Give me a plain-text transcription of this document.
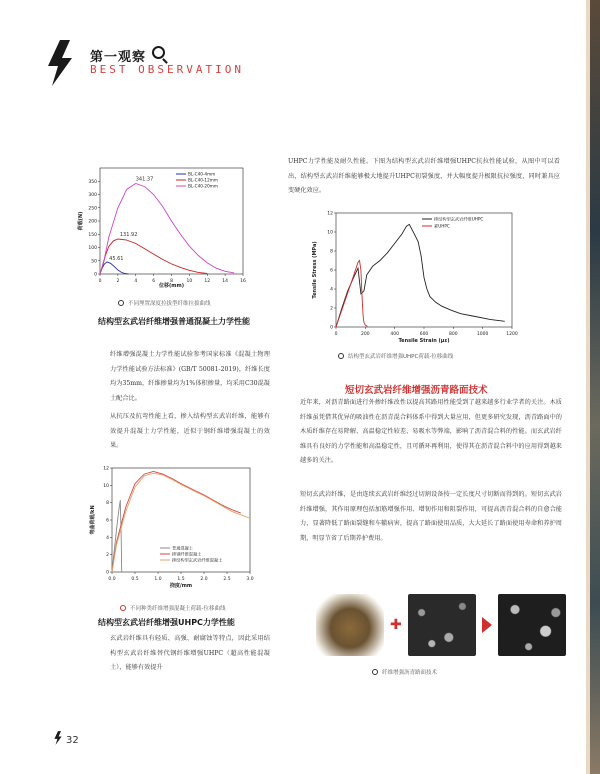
第一观察
BEST OBSERVATION
0	2	4	6	8	10	12	14	16
0
50
100
150
200
250
300
350
位移(mm)
荷载(N)
BL-C40-4mm
BL-C40-12mm
BL-C40-20mm
341.37
131.92
45.61
不同埋置深度拉拔型纤维拉拔曲线
结构型玄武岩纤维增强普通混凝土力学性能
纤维增强混凝土力学性能试验参考国家标准《混凝土物理力学性能试验方法标准》(GB/T 50081-2019)，纤维长度均为35mm，纤维掺量均为1%体积掺量，均采用C30混凝土配合比。
从抗压及抗弯性能上看，掺入结构型玄武岩纤维，能够有效提升混凝土力学性能，近似于钢纤维增强混凝土的效果。
0.0	0.5	1.0	1.5	2.0	2.5	3.0
0
2
4
6
8
10
12
挠度/mm
弯曲荷载/kN
普通混凝土
掺钢纤维混凝土
掺结构型玄武岩纤维混凝土
不同种类纤维增强混凝土荷载-位移曲线
结构型玄武岩纤维增强UHPC力学性能
玄武岩纤维具有轻质、高强、耐腐蚀等特点，因此采用结构型玄武岩纤维替代钢纤维增强UHPC（超高性能混凝土），能够有效提升
UHPC力学性能及耐久性能。下图为结构型玄武岩纤维增强UHPC抗拉性能试验，从图中可以看出，结构型玄武岩纤维能够极大地提升UHPC初裂强度，并大幅度提升极限抗拉强度，同时兼具应变硬化效应。
0	200	400	600	800	1000	1200
0
2
4
6
8
10
12
Tensile Strain (με)
Tensile Stress (MPa)
掺结构型玄武岩纤维UHPC
素UHPC
结构型玄武岩纤维增强UHPC荷载-位移曲线
短切玄武岩纤维增强沥青路面技术
近年来，对沥青路面进行外掺纤维改性以提高其路用性能受到了越来越多行业学者的关注。木质纤维虽凭借其优异的吸油性在沥青混合料体系中得到大量应用，但更多研究发现，沥青路面中的木质纤维存在易降解、高温稳定性较差、易吸水等弊端，影响了沥青混合料的性能。而玄武岩纤维具有良好的力学性能和高温稳定性，且可循环再利用，使得其在沥青混合料中的应用得到越来越多的关注。
短切玄武岩纤维，是由连续玄武岩纤维经过切割设备按一定长度尺寸切断而得到的。短切玄武岩纤维增强，其作用原理包括加筋增强作用、增韧作用和阻裂作用，可提高沥青混合料的自愈合能力，显著降低了路面裂缝和车辙病害，提高了路面使用品质，大大延长了路面使用寿命和养护周期，明显节省了后期养护费用。
✚
纤维增强沥青路面技术
32
